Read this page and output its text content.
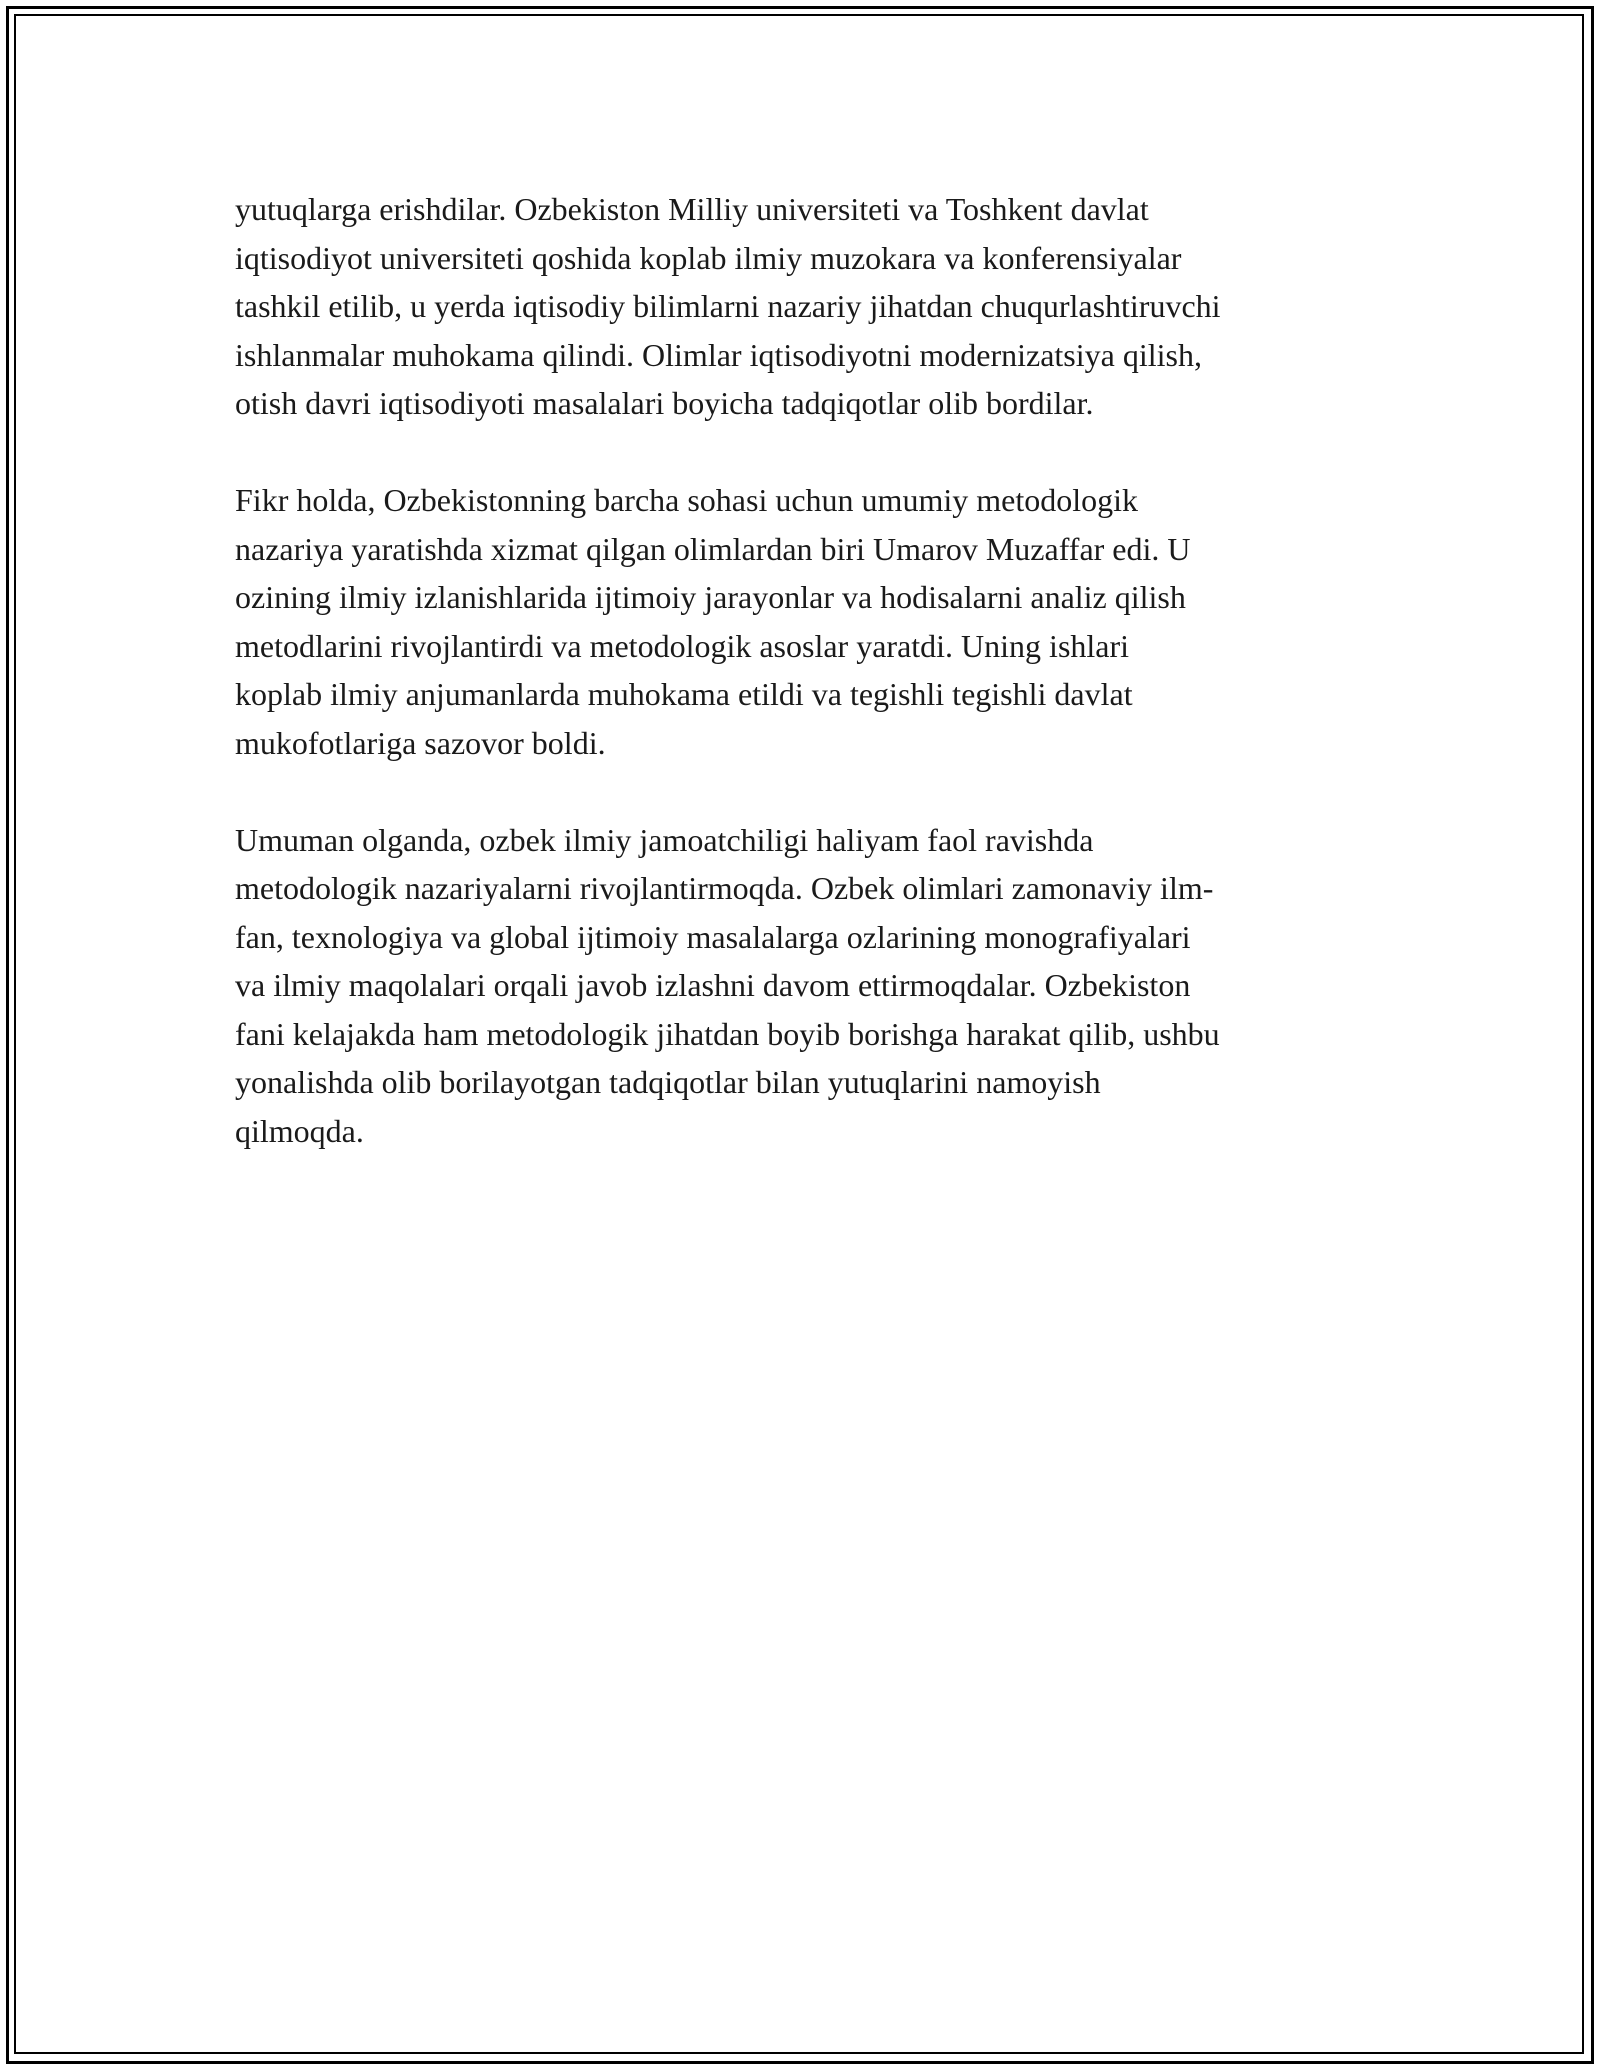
yutuqlarga erishdilar. Ozbekiston Milliy universiteti va Toshkent davlat
iqtisodiyot universiteti qoshida koplab ilmiy muzokara va konferensiyalar
tashkil etilib, u yerda iqtisodiy bilimlarni nazariy jihatdan chuqurlashtiruvchi
ishlanmalar muhokama qilindi. Olimlar iqtisodiyotni modernizatsiya qilish,
otish davri iqtisodiyoti masalalari boyicha tadqiqotlar olib bordilar.

Fikr holda, Ozbekistonning barcha sohasi uchun umumiy metodologik
nazariya yaratishda xizmat qilgan olimlardan biri Umarov Muzaffar edi. U
ozining ilmiy izlanishlarida ijtimoiy jarayonlar va hodisalarni analiz qilish
metodlarini rivojlantirdi va metodologik asoslar yaratdi. Uning ishlari
koplab ilmiy anjumanlarda muhokama etildi va tegishli tegishli davlat
mukofotlariga sazovor boldi.

Umuman olganda, ozbek ilmiy jamoatchiligi haliyam faol ravishda
metodologik nazariyalarni rivojlantirmoqda. Ozbek olimlari zamonaviy ilm-
fan, texnologiya va global ijtimoiy masalalarga ozlarining monografiyalari
va ilmiy maqolalari orqali javob izlashni davom ettirmoqdalar. Ozbekiston
fani kelajakda ham metodologik jihatdan boyib borishga harakat qilib, ushbu
yonalishda olib borilayotgan tadqiqotlar bilan yutuqlarini namoyish
qilmoqda.
